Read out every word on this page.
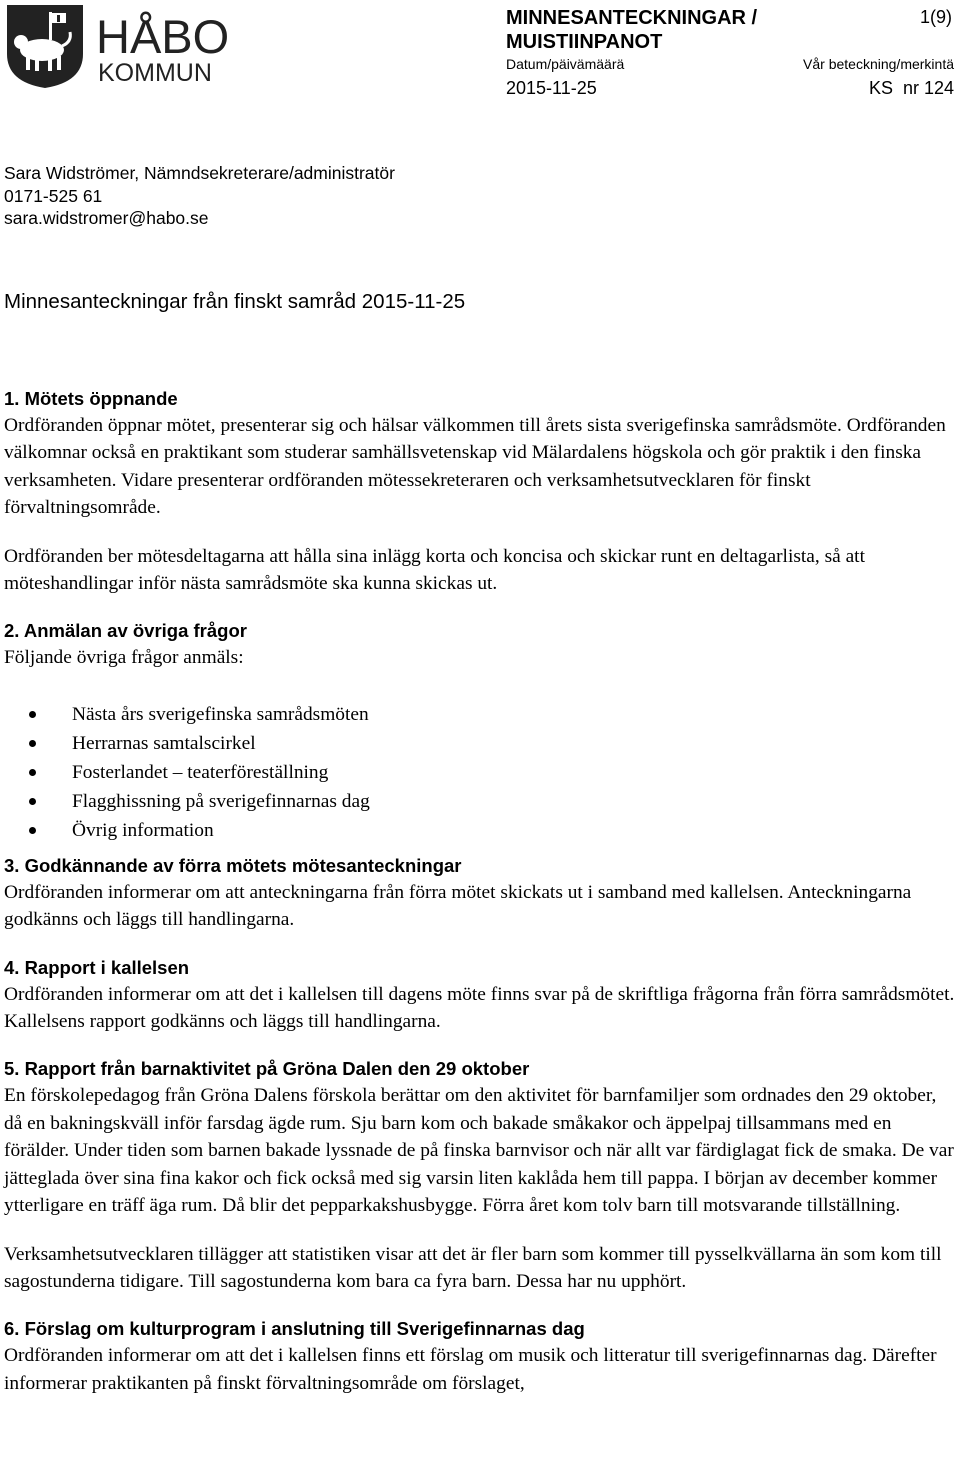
HÅBO
KOMMUN
MINNESANTECKNINGAR / MUISTIINPANOT
1(9)
Datum/päivämäärä	Vår beteckning/merkintä
2015-11-25	KS  nr 124
Sara Widströmer, Nämndsekreterare/administratör
0171-525 61
sara.widstromer@habo.se
Minnesanteckningar från finskt samråd 2015-11-25
1. Mötets öppnande

Ordföranden öppnar mötet, presenterar sig och hälsar välkommen till årets sista sverigefinska samrådsmöte. Ordföranden välkomnar också en praktikant som studerar samhällsvetenskap vid Mälardalens högskola och gör praktik i den finska verksamheten. Vidare presenterar ordföranden mötessekreteraren och verksamhetsutvecklaren för finskt förvaltningsområde.

Ordföranden ber mötesdeltagarna att hålla sina inlägg korta och koncisa och skickar runt en deltagarlista, så att möteshandlingar inför nästa samrådsmöte ska kunna skickas ut.

2. Anmälan av övriga frågor

Följande övriga frågor anmäls:

Nästa års sverigefinska samrådsmöten
Herrarnas samtalscirkel
Fosterlandet – teaterföreställning
Flagghissning på sverigefinnarnas dag
Övrig information
3. Godkännande av förra mötets mötesanteckningar

Ordföranden informerar om att anteckningarna från förra mötet skickats ut i samband med kallelsen. Anteckningarna godkänns och läggs till handlingarna.

4. Rapport i kallelsen

Ordföranden informerar om att det i kallelsen till dagens möte finns svar på de skriftliga frågorna från förra samrådsmötet. Kallelsens rapport godkänns och läggs till handlingarna.

5. Rapport från barnaktivitet på Gröna Dalen den 29 oktober

En förskolepedagog från Gröna Dalens förskola berättar om den aktivitet för barnfamiljer som ordnades den 29 oktober, då en bakningskväll inför farsdag ägde rum. Sju barn kom och bakade småkakor och äppelpaj tillsammans med en förälder. Under tiden som barnen bakade lyssnade de på finska barnvisor och när allt var färdiglagat fick de smaka. De var jätteglada över sina fina kakor och fick också med sig varsin liten kaklåda hem till pappa. I början av december kommer ytterligare en träff äga rum. Då blir det pepparkakshusbygge. Förra året kom tolv barn till motsvarande tillställning.

Verksamhetsutvecklaren tillägger att statistiken visar att det är fler barn som kommer till pysselkvällarna än som kom till sagostunderna tidigare. Till sagostunderna kom bara ca fyra barn. Dessa har nu upphört.

6. Förslag om kulturprogram i anslutning till Sverigefinnarnas dag

Ordföranden informerar om att det i kallelsen finns ett förslag om musik och litteratur till sverigefinnarnas dag. Därefter informerar praktikanten på finskt förvaltningsområde om förslaget,
